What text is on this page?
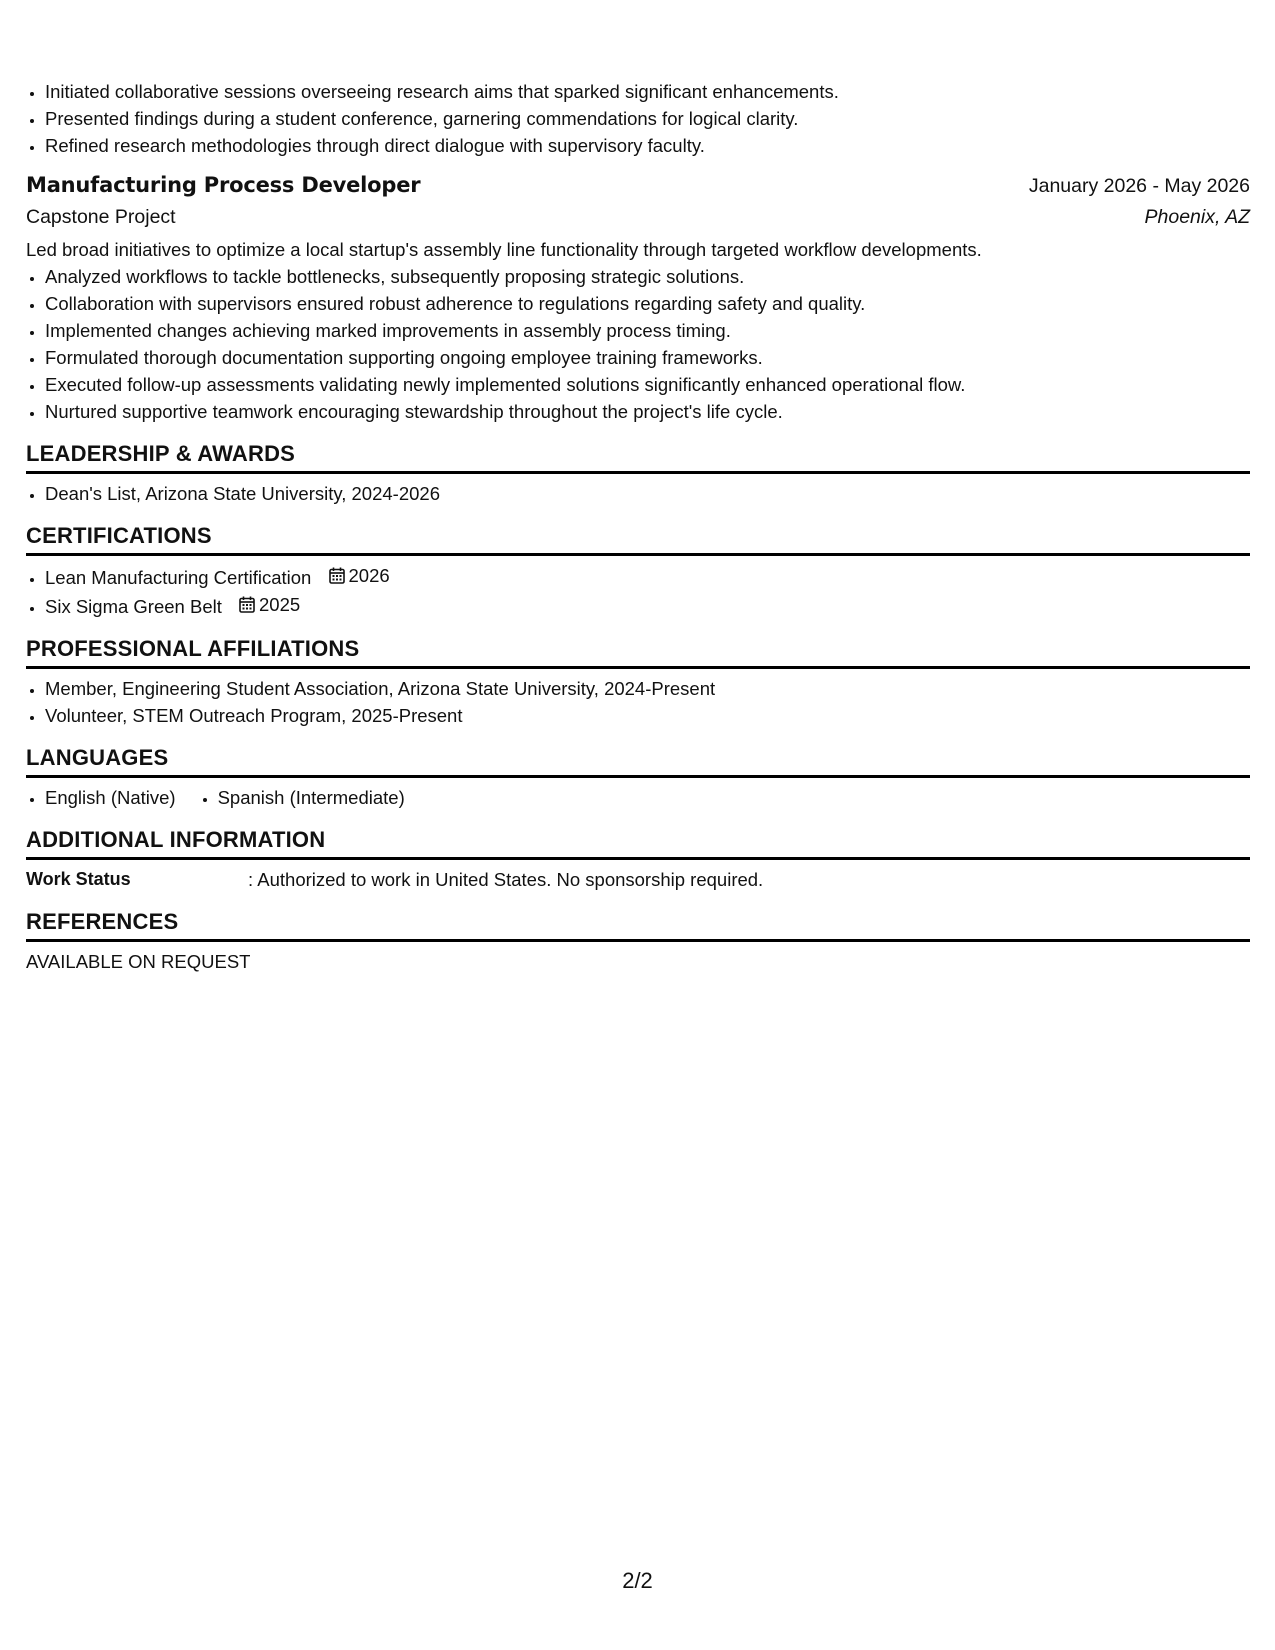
• Initiated collaborative sessions overseeing research aims that sparked significant enhancements.
• Presented findings during a student conference, garnering commendations for logical clarity.
• Refined research methodologies through direct dialogue with supervisory faculty.
Manufacturing Process Developer	January 2026 - May 2026
Capstone Project	Phoenix, AZ
Led broad initiatives to optimize a local startup's assembly line functionality through targeted workflow developments.
• Analyzed workflows to tackle bottlenecks, subsequently proposing strategic solutions.
• Collaboration with supervisors ensured robust adherence to regulations regarding safety and quality.
• Implemented changes achieving marked improvements in assembly process timing.
• Formulated thorough documentation supporting ongoing employee training frameworks.
• Executed follow-up assessments validating newly implemented solutions significantly enhanced operational flow.
• Nurtured supportive teamwork encouraging stewardship throughout the project's life cycle.
LEADERSHIP & AWARDS
• Dean's List, Arizona State University, 2024-2026
CERTIFICATIONS
• Lean Manufacturing Certification 2026
• Six Sigma Green Belt 2025
PROFESSIONAL AFFILIATIONS
• Member, Engineering Student Association, Arizona State University, 2024-Present
• Volunteer, STEM Outreach Program, 2025-Present
LANGUAGES
• English (Native)
• Spanish (Intermediate)
ADDITIONAL INFORMATION
Work Status	: Authorized to work in United States. No sponsorship required.
REFERENCES
AVAILABLE ON REQUEST
2/2
